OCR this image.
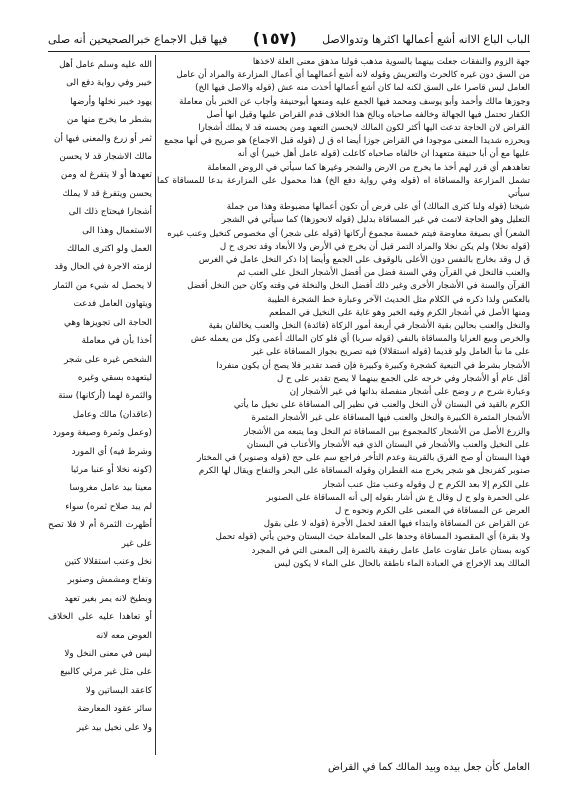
الباب الباع الاانه أشع أعمالها اكثرها وتدوالاصل
(١٥٧)
فيها قبل الاجماع خبرالصحيحين أنه صلى

جهة الزوم والنفقات جعلت بينهما بالسوية مذهب قولنا مذهق معنى العلة لاخذها

من السق دون غيره كالحرث والتعريش وقوله لانه أشع أعمالهما أي أعمال المزارعة والمراد أن عامل

العامل ليس قاصرا على السق لكنه لما كان أشع أعمالها أخذت منه عش (قوله والاصل فيها الخ)

وجوزها مالك وأحمد وأبو يوسف ومحمد فيها الجمع عليه ومنعها أبوحنيفة وأجاب عن الخبر بأن معاملة

الكفار تحتمل فيها الجهالة وخالفه صاحباه وبالخ هذا الخلاف قدم القراض عليها وقيل انها أصل

القراض لان الحاجة تدعت اليها أكثر لكون المالك لايحسن التعهد ومن يحسنه قد لا يملك أشجارا

وبحرزه شديدا المعنى موجودا في القراض جوزا أيضا اه ق ل (قوله قبل الاجماع) هو صريح في أنها مجمع

عليها مع أن أبا حنيفة متعهدا ان خالفاه صاحباه كاعلت (قوله عامل أهل خيبر) أي أنه

تعاهدهم أي قرر لهم أخذ ما يخرج من الارض والشجر وغيرها كما سيأتي في الروض المعاملة

تشمل المزارعة والمساقاة اه (قوله وفي رواية دفع الخ) هذا محمول على المزارعة بدعا للمساقاة كما سيأتي

شيخنا (قوله ولنا كثرى المالك) أي على فرض أن تكون أعمالها مضبوطة وهذا من جملة

التعليل وهو الحاجة لاتمت في غير المساقاة بدليل (قوله لانحوزها) كما سيأتي في الشجر

الشعر) أي بصيغة معاوضة فيتم خمسة مجموع أركانها (قوله على شجر) أي مخصوص كنخيل وعنب غيره

(قوله نخلا) ولم يكن نخلا والمراد التمر قبل أن يخرج في الأرض ولا الأبعاد وقد تحرى ح ل

ق ل وقد بخارج بالنفس دون الأعلى بالوقوف على الجمع وأيضا إذا ذكر النخل عامل في الغرس

والعنب فالنخل في القرآن وفي السنة فضل من أفضل الأشجار النخل على العنب ثم

القرآن والسنة في الأشجار الأخرى وغير ذلك أفضل النخل والنخلة في وقته وكان حين النخل أفضل

بالعكس ولذا ذكره في الكلام مثل الحديث الآخر وعبارة خط الشجرة الطيبة

ومنها الأصل في أشجار الكرم وفيه الخير وهو غاية على النخيل في المطعم

والنخل والعنب بحالين بقية الأشجار في أربعة أمور الزكاة (فائدة) النخل والعنب يخالفان بقية

والخرص وبيع العرايا والمساقاة بالنفي (قوله سربا) أي فلو كان المالك أعمى وكل من يعمله عش

على ما نبأ العامل ولو قديما (قوله استقلالا) فيه تصريح بجواز المساقاة على غير

الأشجار بشرط في التبعية كشجرة وكبيرة وكبيرة فإن قصد تقدير فلا يصح أن يكون منفردا

أقل عام أو الأشجار وفي خرجه على الجمع بينهما لا يصح تقدير على ح ل

وعبارة شرح م ر وضح على أشجار منفصلة بذاتها في غير الأشجار إن

الكرم بالقيد في البستان لأن النخل والعنب في نظير إلى المساقاة على نخيل ما يأتي

الأشجار المثمرة الكبيرة والنخل والعنب فيها المساقاة على غير الأشجار المثمرة

والزرع الأصل من الأشجار كالمجموع بين المساقاة ثم النخل وما يتبعه من الأشجار

على النخيل والعنب والأشجار في البستان الذي فيه الأشجار والأعناب في البستان

فهذا البستان أو صح الفرق بالقرينة وعدم التأخر فراجع سم على حج (قوله وصنوبر) في المختار

صنوبر كفرنجل هو شجر يخرج منه القطران وقوله المساقاة على البحر والتفاح ويقال لها الكرم

على الكرم إلا بعد الكرم ح ل وقوله وعنب مثل عنب أشجار

على الحمرة ولو ح ل وقال ع ش أشار بقوله إلى أنه المساقاة على الصنوبر

العرض عن المساقاة في المعنى على الكرم ونحوه ح ل

عن القراض عن المساقاة وابتداء فيها العقد لحمل الأجرة (قوله لا على بقول

ولا بقرة) أي المقصود المساقاة وحدها على المعاملة حيث البستان وحين يأتي (قوله تحمل

كونه بستان عامل تفاوت عامل عامل رفيقة بالثمرة إلى المعنى التي في المجرد

المالك بعد الإخراج في العبادة الماء ناطقة بالحال على الماء لا يكون ليس

الله عليه وسلم عامل أهل

خيبر وفي رواية دفع الى

يهود خيبر نخلها وأرضها

بشطر ما يخرج منها من

ثمر أو زرع والمعنى فيها أن

مالك الاشجار قد لا يحسن

تعهدها أو لا يتفرغ له ومن

يحسن ويتفرغ قد لا يملك

أشجارا فيحتاج ذلك الى

الاستعمال وهذا الى

العمل ولو اكترى المالك

لزمته الاجرة في الحال وقد

لا يحصل له شيء من الثمار

ويتهاون العامل فدعت

الحاجة الى تجويزها وهي

أخذا بأن في معاملة

الشخص غيره على شجر

ليتعهده بسقي وغيره

والثمرة لهما (أركانها) ستة

(عاقدان) مالك وعامل

(وعمل وثمرة وصيغة ومورد

وشرط فيه) أي المورد

(كونه نخلا أو عنبا مرئيا

معينا بيد عامل مغروسا

لم يبد صلاح ثمره) سواء

أظهرت الثمرة أم لا فلا تصح على غير

نخل وعنب استقلالا كتين

وتفاح ومشمش وصنوبر

وبطيخ لانه يمر بغير تعهد

أو تعاهدا عليه على الخلاف العوض معه لانه

ليس في معنى النخل ولا

على مثل غير مرئي كالبيع

كاعقد البساتين ولا

سائر عقود المعارضة

ولا على نخيل بيد غير

العامل كأن جعل بيده وبيد المالك كما في القراض
